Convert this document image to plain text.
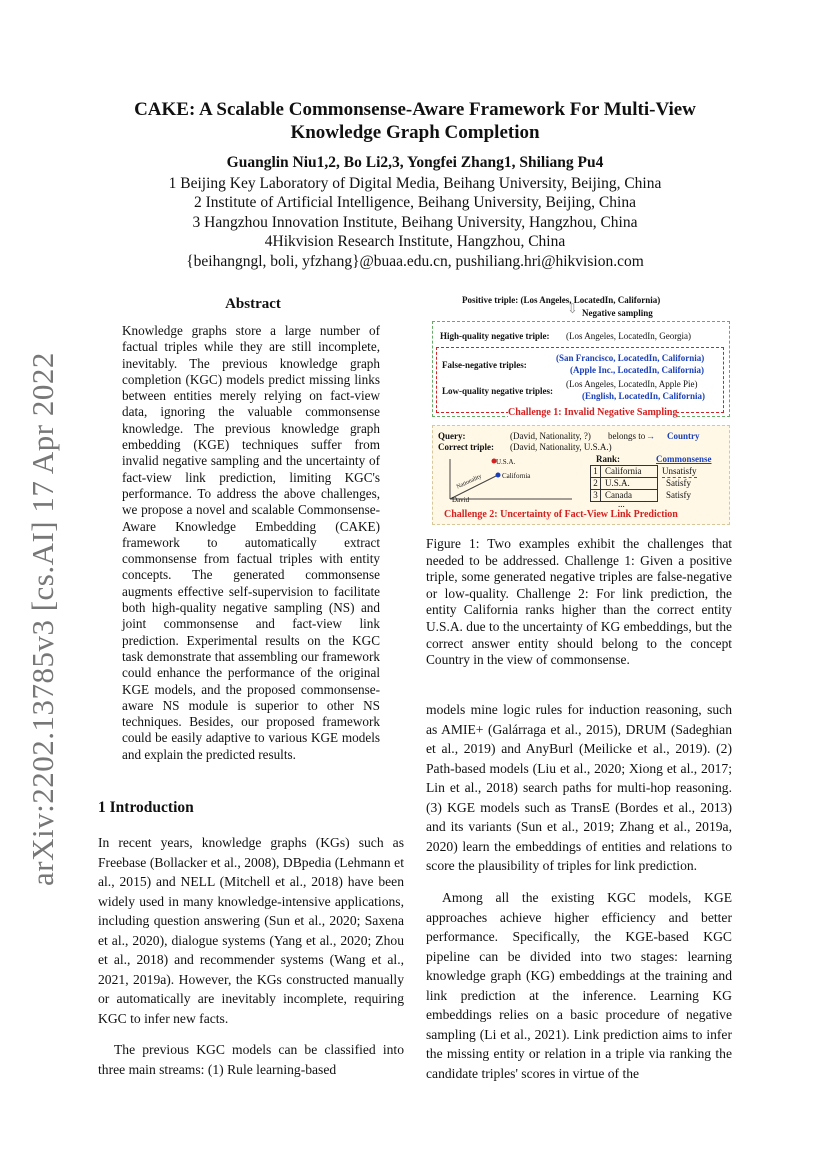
arXiv:2202.13785v3 [cs.AI] 17 Apr 2022
CAKE: A Scalable Commonsense-Aware Framework For Multi-View
Knowledge Graph Completion
Guanglin Niu1,2, Bo Li2,3, Yongfei Zhang1, Shiliang Pu4
1 Beijing Key Laboratory of Digital Media, Beihang University, Beijing, China
2 Institute of Artificial Intelligence, Beihang University, Beijing, China
3 Hangzhou Innovation Institute, Beihang University, Hangzhou, China
4Hikvision Research Institute, Hangzhou, China
{beihangngl, boli, yfzhang}@buaa.edu.cn, pushiliang.hri@hikvision.com
Abstract
Knowledge graphs store a large number of factual triples while they are still incomplete, inevitably. The previous knowledge graph completion (KGC) models predict missing links between entities merely relying on fact-view data, ignoring the valuable commonsense knowledge. The previous knowledge graph embedding (KGE) techniques suffer from invalid negative sampling and the uncertainty of fact-view link prediction, limiting KGC's performance. To address the above challenges, we propose a novel and scalable Commonsense-Aware Knowledge Embedding (CAKE) framework to automatically extract commonsense from factual triples with entity concepts. The generated commonsense augments effective self-supervision to facilitate both high-quality negative sampling (NS) and joint commonsense and fact-view link prediction. Experimental results on the KGC task demonstrate that assembling our framework could enhance the performance of the original KGE models, and the proposed commonsense-aware NS module is superior to other NS techniques. Besides, our proposed framework could be easily adaptive to various KGE models and explain the predicted results.
1 Introduction
In recent years, knowledge graphs (KGs) such as Freebase (Bollacker et al., 2008), DBpedia (Lehmann et al., 2015) and NELL (Mitchell et al., 2018) have been widely used in many knowledge-intensive applications, including question answering (Sun et al., 2020; Saxena et al., 2020), dialogue systems (Yang et al., 2020; Zhou et al., 2018) and recommender systems (Wang et al., 2021, 2019a). However, the KGs constructed manually or automatically are inevitably incomplete, requiring KGC to infer new facts.
The previous KGC models can be classified into three main streams: (1) Rule learning-based
models mine logic rules for induction reasoning, such as AMIE+ (Galárraga et al., 2015), DRUM (Sadeghian et al., 2019) and AnyBurl (Meilicke et al., 2019). (2) Path-based models (Liu et al., 2020; Xiong et al., 2017; Lin et al., 2018) search paths for multi-hop reasoning. (3) KGE models such as TransE (Bordes et al., 2013) and its variants (Sun et al., 2019; Zhang et al., 2019a, 2020) learn the embeddings of entities and relations to score the plausibility of triples for link prediction.
Among all the existing KGC models, KGE approaches achieve higher efficiency and better performance. Specifically, the KGE-based KGC pipeline can be divided into two stages: learning knowledge graph (KG) embeddings at the training and link prediction at the inference. Learning KG embeddings relies on a basic procedure of negative sampling (Li et al., 2021). Link prediction aims to infer the missing entity or relation in a triple via ranking the candidate triples' scores in virtue of the
Positive triple: (Los Angeles, LocatedIn, California)
Negative sampling
⇩
High-quality negative triple: (Los Angeles, LocatedIn, Georgia)
False-negative triples:
(San Francisco, LocatedIn, California)
(Apple Inc., LocatedIn, California)
Low-quality negative triples:
(Los Angeles, LocatedIn, Apple Pie)
(English, LocatedIn, California)
Challenge 1: Invalid Negative Sampling
Query:	(David, Nationality, ?) belongs to → Country
Correct triple: (David, Nationality, U.S.A.)
U.S.A.
California
David
Nationality
Rank:	Commonsense
1 California
2 U.S.A.
3 Canada
Unsatisfy
Satisfy
Satisfy
...
Challenge 2: Uncertainty of Fact-View Link Prediction
Figure 1: Two examples exhibit the challenges that needed to be addressed. Challenge 1: Given a positive triple, some generated negative triples are false-negative or low-quality. Challenge 2: For link prediction, the entity California ranks higher than the correct entity U.S.A. due to the uncertainty of KG embeddings, but the correct answer entity should belong to the concept Country in the view of commonsense.
